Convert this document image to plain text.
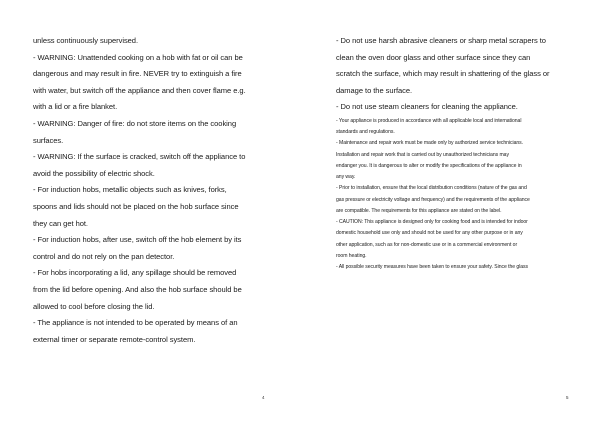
unless continuously supervised.

- WARNING: Unattended cooking on a hob with fat or oil can be

dangerous and may result in fire. NEVER try to extinguish a fire

with water, but switch off the appliance and then cover flame e.g.

with a lid or a fire blanket.

- WARNING: Danger of fire: do not store items on the cooking

surfaces.

- WARNING: If the surface is cracked, switch off the appliance to

avoid the possibility of electric shock.

- For induction hobs, metallic objects such as knives, forks,

spoons and lids should not be placed on the hob surface since

they can get hot.

- For induction hobs, after use, switch off the hob element by its

control and do not rely on the pan detector.

- For hobs incorporating a lid, any spillage should be removed

from the lid before opening. And also the hob surface should be

allowed to cool before closing the lid.

- The appliance is not intended to be operated by means of an

external timer or separate remote-control system.

4

- Do not use harsh abrasive cleaners or sharp metal scrapers to

clean the oven door glass and other surface since they can

scratch the surface, which may result in shattering of the glass or

damage to the surface.

- Do not use steam cleaners for cleaning the appliance.

- Your appliance is produced in accordance with all applicable local and international

standards and regulations.

- Maintenance and repair work must be made only by authorized service technicians.

Installation and repair work that is carried out by unauthorized technicians may

endanger you. It is dangerous to alter or modify the specifications of the appliance in

any way.

- Prior to installation, ensure that the local distribution conditions (nature of the gas and

gas pressure or electricity voltage and frequency) and the requirements of the appliance

are compatible. The requirements for this appliance are stated on the label.

- CAUTION: This appliance is designed only for cooking food and is intended for indoor

domestic household use only and should not be used for any other purpose or in any

other application, such as for non-domestic use or in a commercial environment or

room heating.

- All possible security measures have been taken to ensure your safety. Since the glass

5
